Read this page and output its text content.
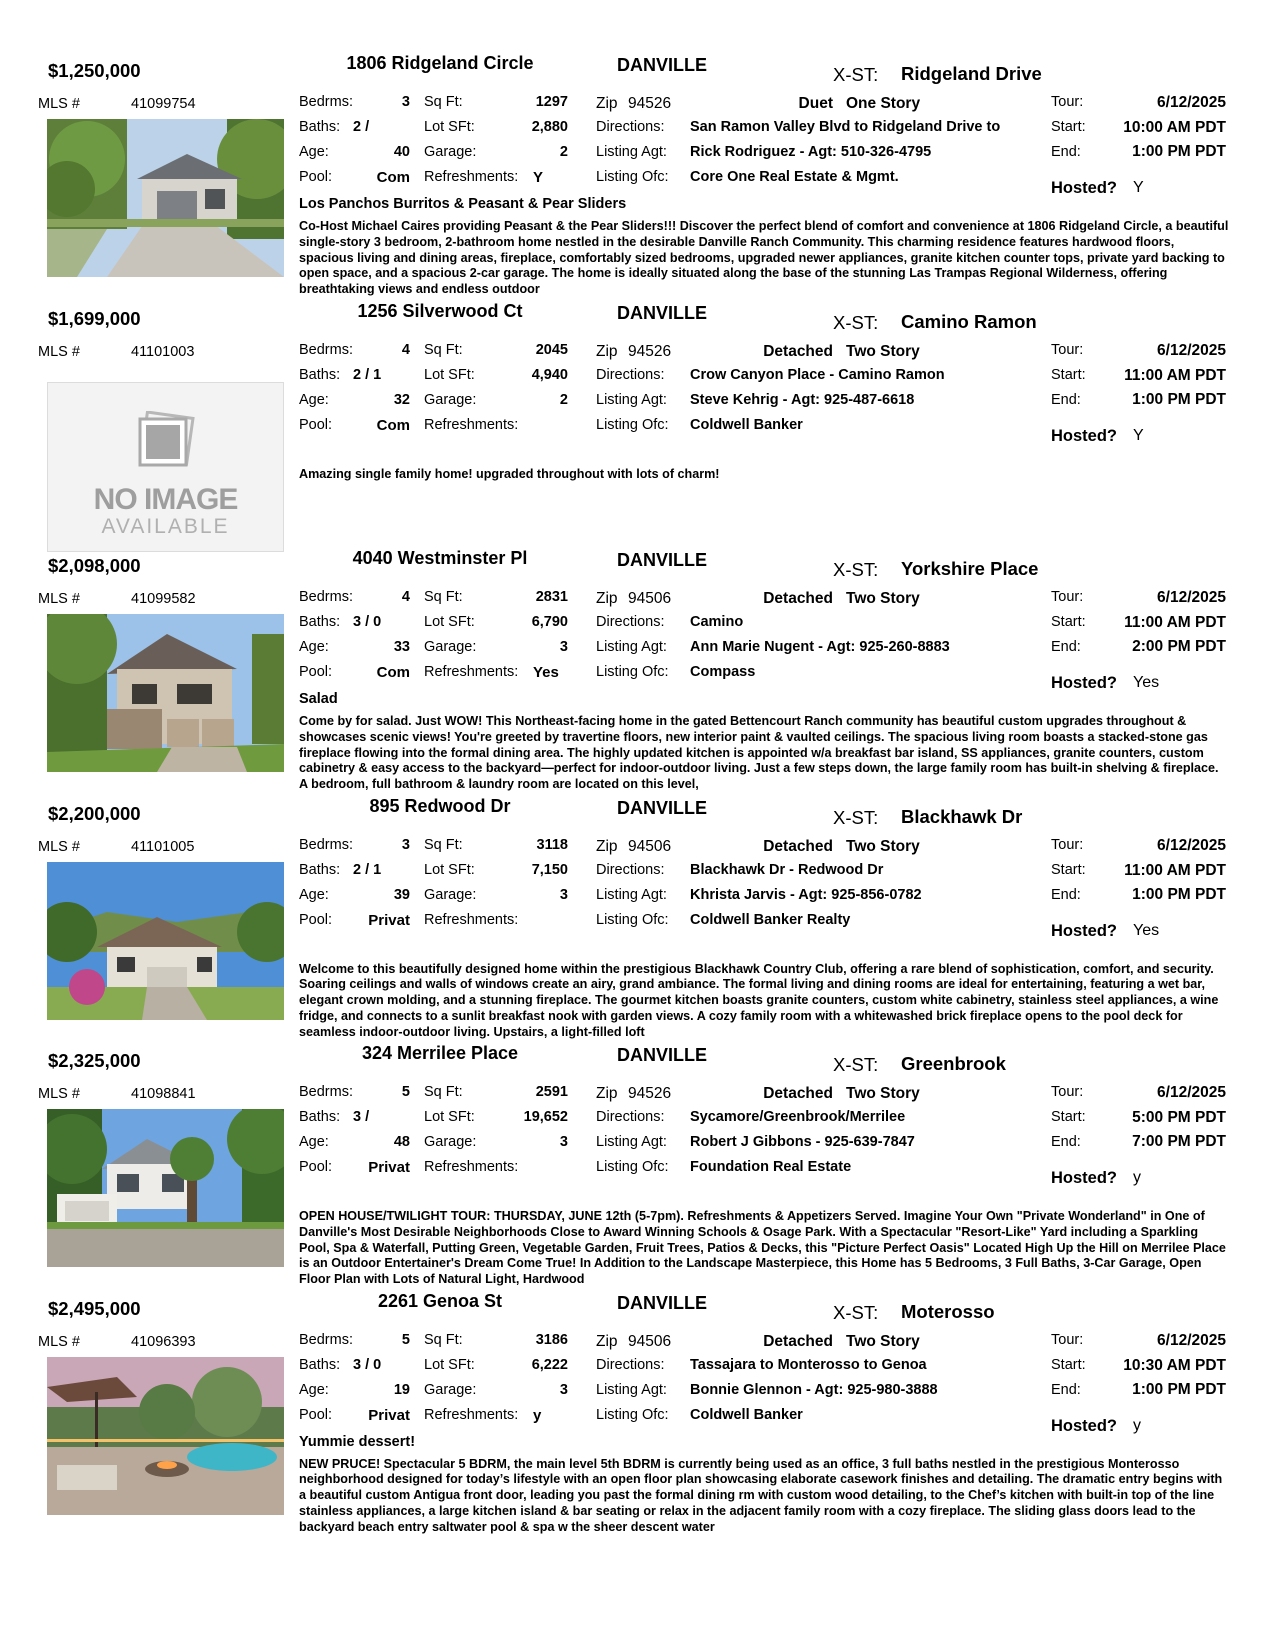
$1,250,000	1806 Ridgeland Circle	DANVILLE	X-ST: Ridgeland Drive
MLS #	41099754	Bedrms:	3 Sq Ft:	1297 Zip 94526	Duet One Story	Tour:	6/12/2025
Baths: 2 /	Lot SFt:	2,880 Directions: San Ramon Valley Blvd to Ridgeland Drive to	Start:	10:00 AM PDT
Age:	40 Garage:	2 Listing Agt: Rick Rodriguez - Agt: 510-326-4795	End:	1:00 PM PDT
Pool:	Com Refreshments: Y	Listing Ofc: Core One Real Estate & Mgmt.
Hosted? Y
Los Panchos Burritos & Peasant & Pear Sliders
Co-Host Michael Caires providing Peasant & the Pear Sliders!!! Discover the perfect blend of comfort and convenience at 1806 Ridgeland Circle, a beautiful single-story 3 bedroom, 2-bathroom home nestled in the desirable Danville Ranch Community. This charming residence features hardwood floors, spacious living and dining areas, fireplace, comfortably sized bedrooms, upgraded newer appliances, granite kitchen counter tops, private yard backing to open space, and a spacious 2-car garage. The home is ideally situated along the base of the stunning Las Trampas Regional Wilderness, offering breathtaking views and endless outdoor
$1,699,000	1256 Silverwood Ct	DANVILLE	X-ST: Camino Ramon
MLS #	41101003	Bedrms:	4 Sq Ft:	2045 Zip 94526	Detached Two Story	Tour:	6/12/2025
Baths: 2 / 1	Lot SFt:	4,940 Directions: Crow Canyon Place - Camino Ramon	Start:	11:00 AM PDT
Age:	32 Garage:	2 Listing Agt: Steve Kehrig - Agt: 925-487-6618	End:	1:00 PM PDT
Pool:	Com Refreshments:	Listing Ofc: Coldwell Banker
Hosted? Y
Amazing single family home! upgraded throughout with lots of charm!
NO IMAGE
AVAILABLE
$2,098,000	4040 Westminster Pl	DANVILLE	X-ST: Yorkshire Place
MLS #	41099582	Bedrms:	4 Sq Ft:	2831 Zip 94506	Detached Two Story	Tour:	6/12/2025
Baths: 3 / 0	Lot SFt:	6,790 Directions: Camino	Start:	11:00 AM PDT
Age:	33 Garage:	3 Listing Agt: Ann Marie Nugent - Agt: 925-260-8883	End:	2:00 PM PDT
Pool:	Com Refreshments: Yes	Listing Ofc: Compass
Hosted? Yes
Salad
Come by for salad. Just WOW! This Northeast-facing home in the gated Bettencourt Ranch community has beautiful custom upgrades throughout & showcases scenic views! You're greeted by travertine floors, new interior paint & vaulted ceilings. The spacious living room boasts a stacked-stone gas fireplace flowing into the formal dining area. The highly updated kitchen is appointed w/a breakfast bar island, SS appliances, granite counters, custom cabinetry & easy access to the backyard—perfect for indoor-outdoor living. Just a few steps down, the large family room has built-in shelving & fireplace. A bedroom, full bathroom & laundry room are located on this level,
$2,200,000	895 Redwood Dr	DANVILLE	X-ST: Blackhawk Dr
MLS #	41101005	Bedrms:	3 Sq Ft:	3118 Zip 94506	Detached Two Story	Tour:	6/12/2025
Baths: 2 / 1	Lot SFt:	7,150 Directions: Blackhawk Dr - Redwood Dr	Start:	11:00 AM PDT
Age:	39 Garage:	3 Listing Agt: Khrista Jarvis - Agt: 925-856-0782	End:	1:00 PM PDT
Pool:	Privat Refreshments:	Listing Ofc: Coldwell Banker Realty
Hosted? Yes
Welcome to this beautifully designed home within the prestigious Blackhawk Country Club, offering a rare blend of sophistication, comfort, and security. Soaring ceilings and walls of windows create an airy, grand ambiance. The formal living and dining rooms are ideal for entertaining, featuring a wet bar, elegant crown molding, and a stunning fireplace. The gourmet kitchen boasts granite counters, custom white cabinetry, stainless steel appliances, a wine fridge, and connects to a sunlit breakfast nook with garden views. A cozy family room with a whitewashed brick fireplace opens to the pool deck for seamless indoor-outdoor living. Upstairs, a light-filled loft
$2,325,000	324 Merrilee Place	DANVILLE	X-ST: Greenbrook
MLS #	41098841	Bedrms:	5 Sq Ft:	2591 Zip 94526	Detached Two Story	Tour:	6/12/2025
Baths: 3 /	Lot SFt:	19,652 Directions: Sycamore/Greenbrook/Merrilee	Start:	5:00 PM PDT
Age:	48 Garage:	3 Listing Agt: Robert J Gibbons - 925-639-7847	End:	7:00 PM PDT
Pool:	Privat Refreshments:	Listing Ofc: Foundation Real Estate
Hosted? y
OPEN HOUSE/TWILIGHT TOUR: THURSDAY, JUNE 12th (5-7pm). Refreshments & Appetizers Served. Imagine Your Own "Private Wonderland" in One of Danville's Most Desirable Neighborhoods Close to Award Winning Schools & Osage Park. With a Spectacular "Resort-Like" Yard including a Sparkling Pool, Spa & Waterfall, Putting Green, Vegetable Garden, Fruit Trees, Patios & Decks, this "Picture Perfect Oasis" Located High Up the Hill on Merrilee Place is an Outdoor Entertainer's Dream Come True! In Addition to the Landscape Masterpiece, this Home has 5 Bedrooms, 3 Full Baths, 3-Car Garage, Open Floor Plan with Lots of Natural Light, Hardwood
$2,495,000	2261 Genoa St	DANVILLE	X-ST: Moterosso
MLS #	41096393	Bedrms:	5 Sq Ft:	3186 Zip 94506	Detached Two Story	Tour:	6/12/2025
Baths: 3 / 0	Lot SFt:	6,222 Directions: Tassajara to Monterosso to Genoa	Start:	10:30 AM PDT
Age:	19 Garage:	3 Listing Agt: Bonnie Glennon - Agt: 925-980-3888	End:	1:00 PM PDT
Pool:	Privat Refreshments: y	Listing Ofc: Coldwell Banker
Hosted? y
Yummie dessert!
NEW PRUCE! Spectacular 5 BDRM, the main level 5th BDRM is currently being used as an office, 3 full baths nestled in the prestigious Monterosso neighborhood designed for today’s lifestyle with an open floor plan showcasing elaborate casework finishes and detailing. The dramatic entry begins with a beautiful custom Antigua front door, leading you past the formal dining rm with custom wood detailing, to the Chef’s kitchen with built-in top of the line stainless appliances, a large kitchen island & bar seating or relax in the adjacent family room with a cozy fireplace. The sliding glass doors lead to the backyard beach entry saltwater pool & spa w the sheer descent water
